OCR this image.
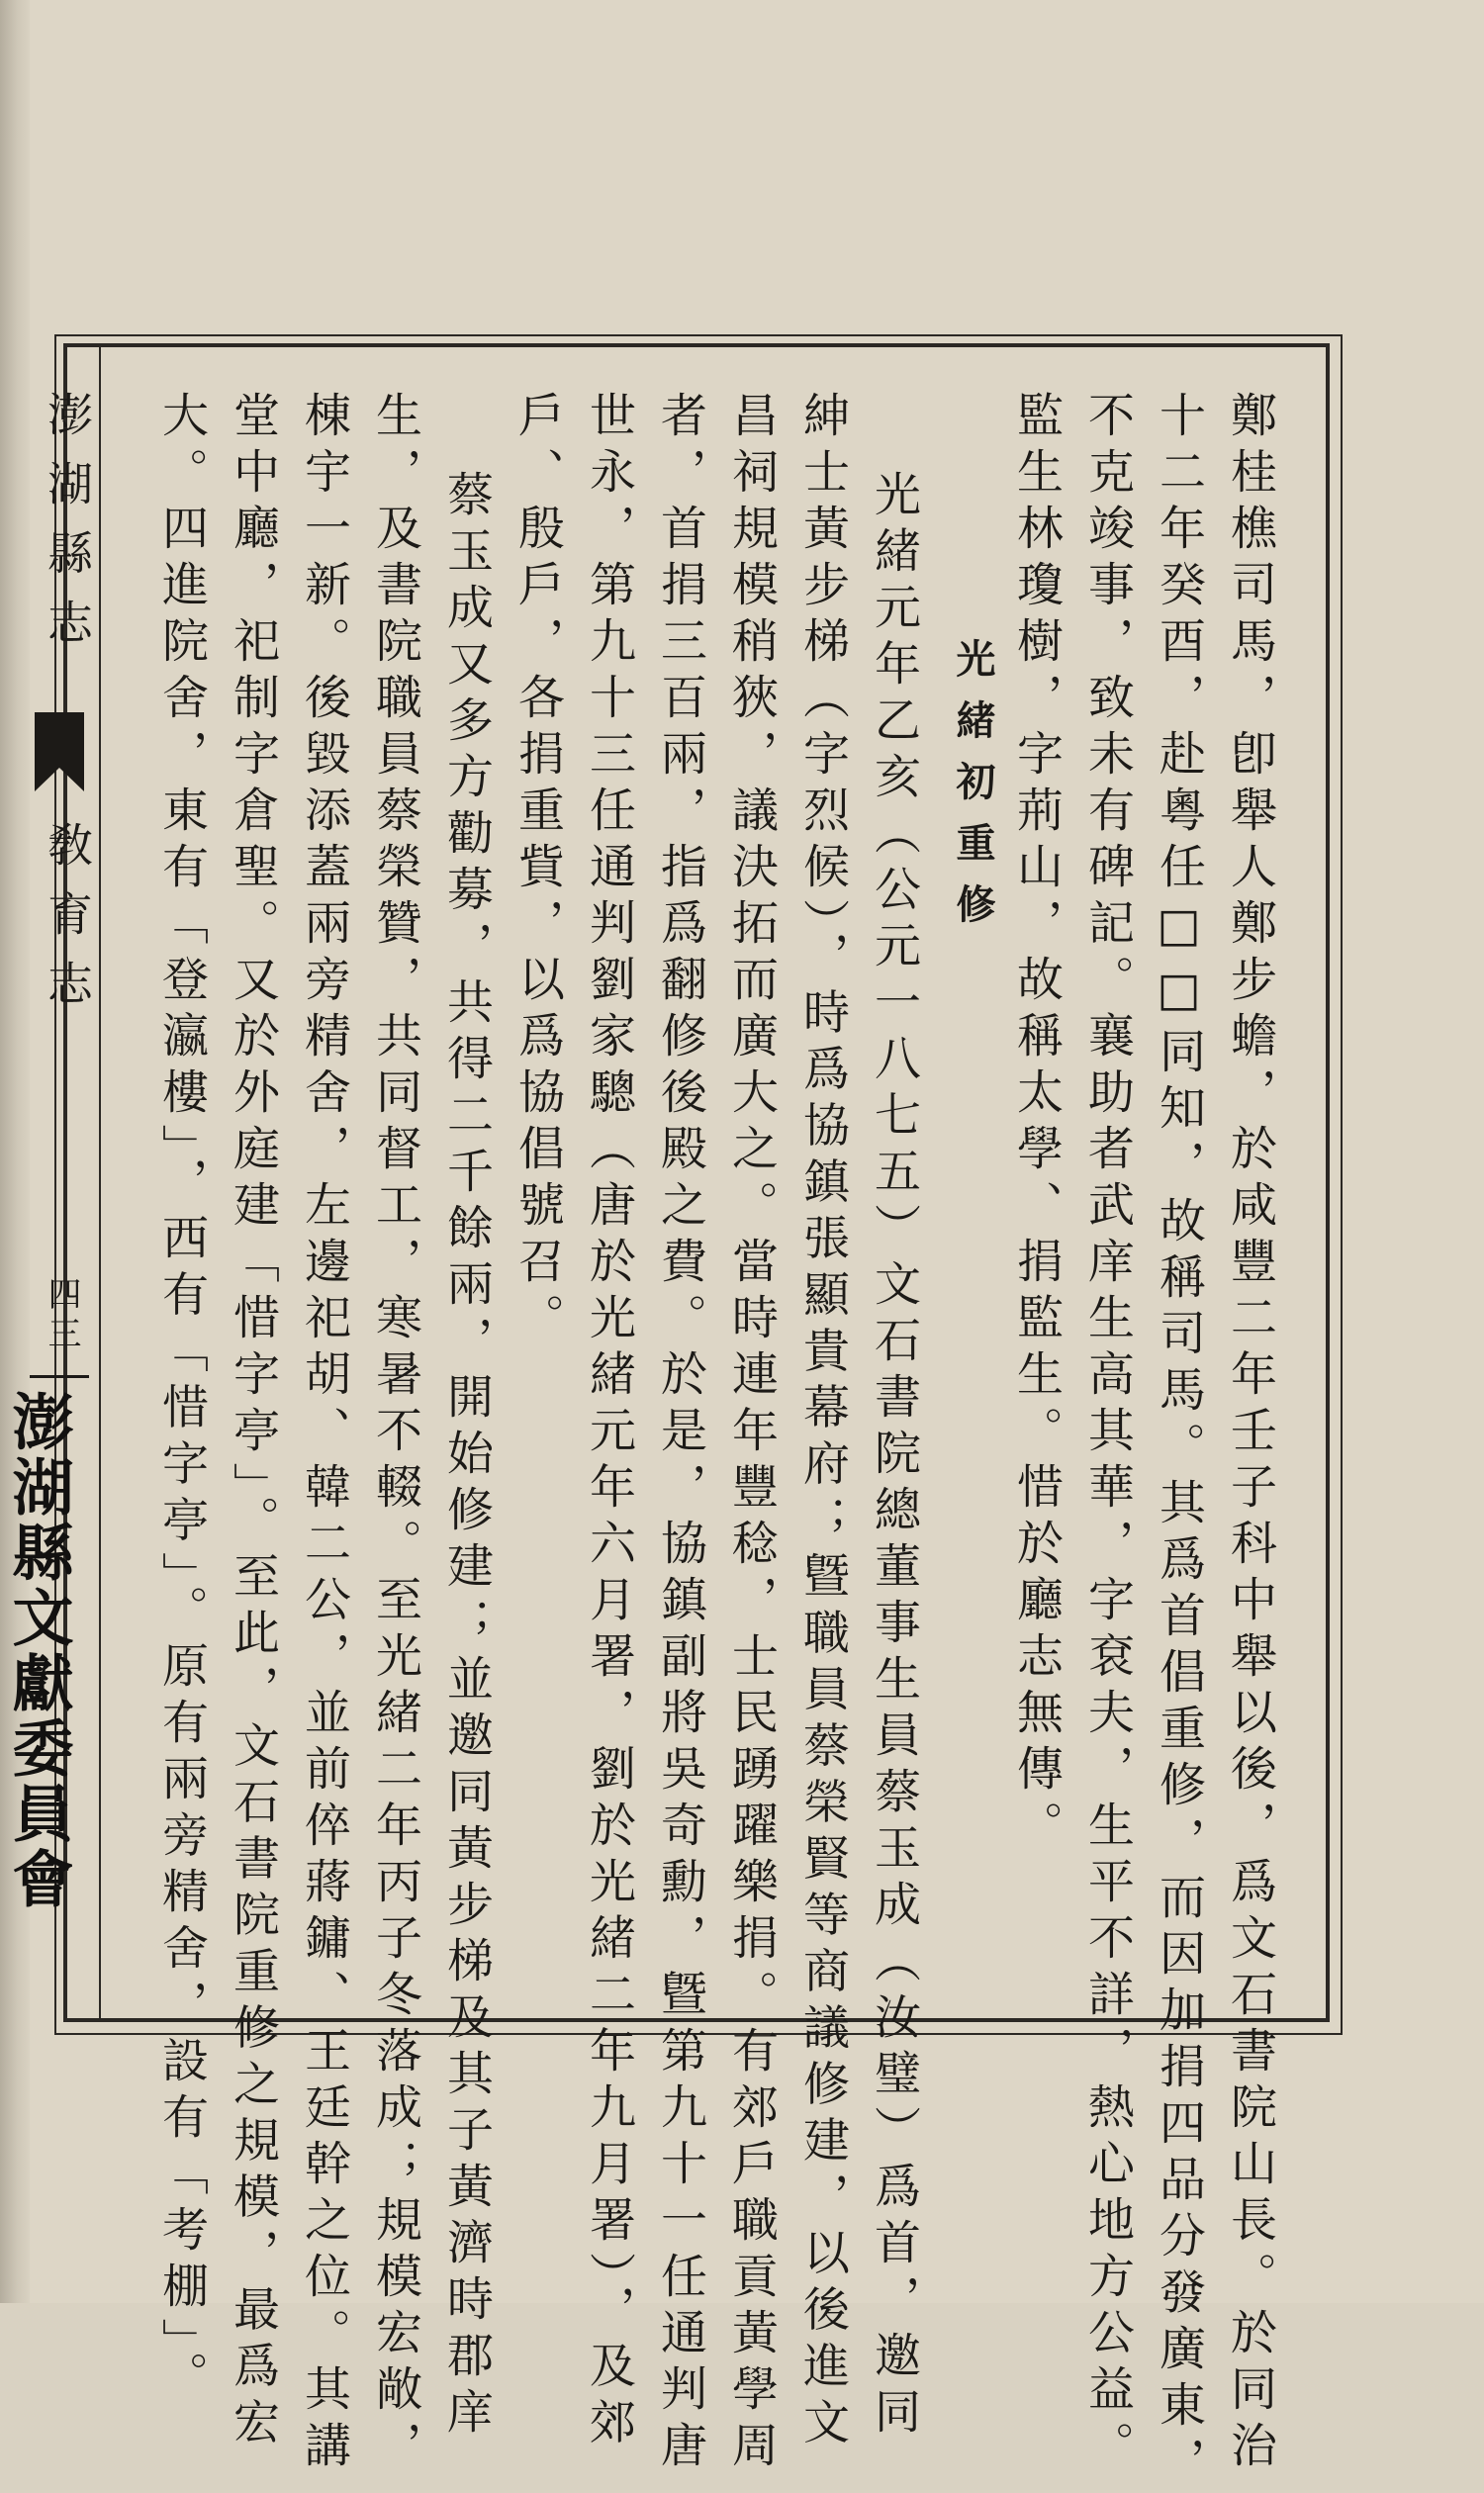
澎湖縣志
敎育志
四三
澎湖縣文獻委員會	鄭桂樵司馬，卽舉人鄭步蟾，於咸豐二年壬子科中舉以後，爲文石書院山長。於同治
十二年癸酉，赴粵任□□同知，故稱司馬。其爲首倡重修，而因加捐四品分發廣東，
不克竣事，致未有碑記。襄助者武庠生高其華，字袞夫，生平不詳，熱心地方公益。
監生林瓊樹，字荊山，故稱太學、捐監生。惜於廳志無傳。
光緒初重修
光緒元年乙亥（公元一八七五）文石書院總董事生員蔡玉成（汝璧）爲首，邀同
紳士黃步梯（字烈候），時爲協鎮張顯貴幕府；曁職員蔡榮賢等商議修建，以後進文
昌祠規模稍狹，議決拓而廣大之。當時連年豐稔，士民踴躍樂捐。有郊戶職貢黃學周
者，首捐三百兩，指爲翻修後殿之費。於是，協鎮副將吳奇勳，曁第九十一任通判唐
世永，第九十三任通判劉家驄（唐於光緒元年六月署，劉於光緒二年九月署），及郊
戶、殷戶，各捐重貲，以爲協倡號召。
蔡玉成又多方勸募，共得二千餘兩，開始修建；並邀同黃步梯及其子黃濟時郡庠
生，及書院職員蔡榮贊，共同督工，寒暑不輟。至光緒二年丙子冬落成；規模宏敞，
棟宇一新。後毀添蓋兩旁精舍，左邊祀胡、韓二公，並前倅蔣鏞、王廷幹之位。其講
堂中廳，祀制字倉聖。又於外庭建「惜字亭」。至此，文石書院重修之規模，最爲宏
大。四進院舍，東有「登瀛樓」，西有「惜字亭」。原有兩旁精舍，設有「考棚」。
